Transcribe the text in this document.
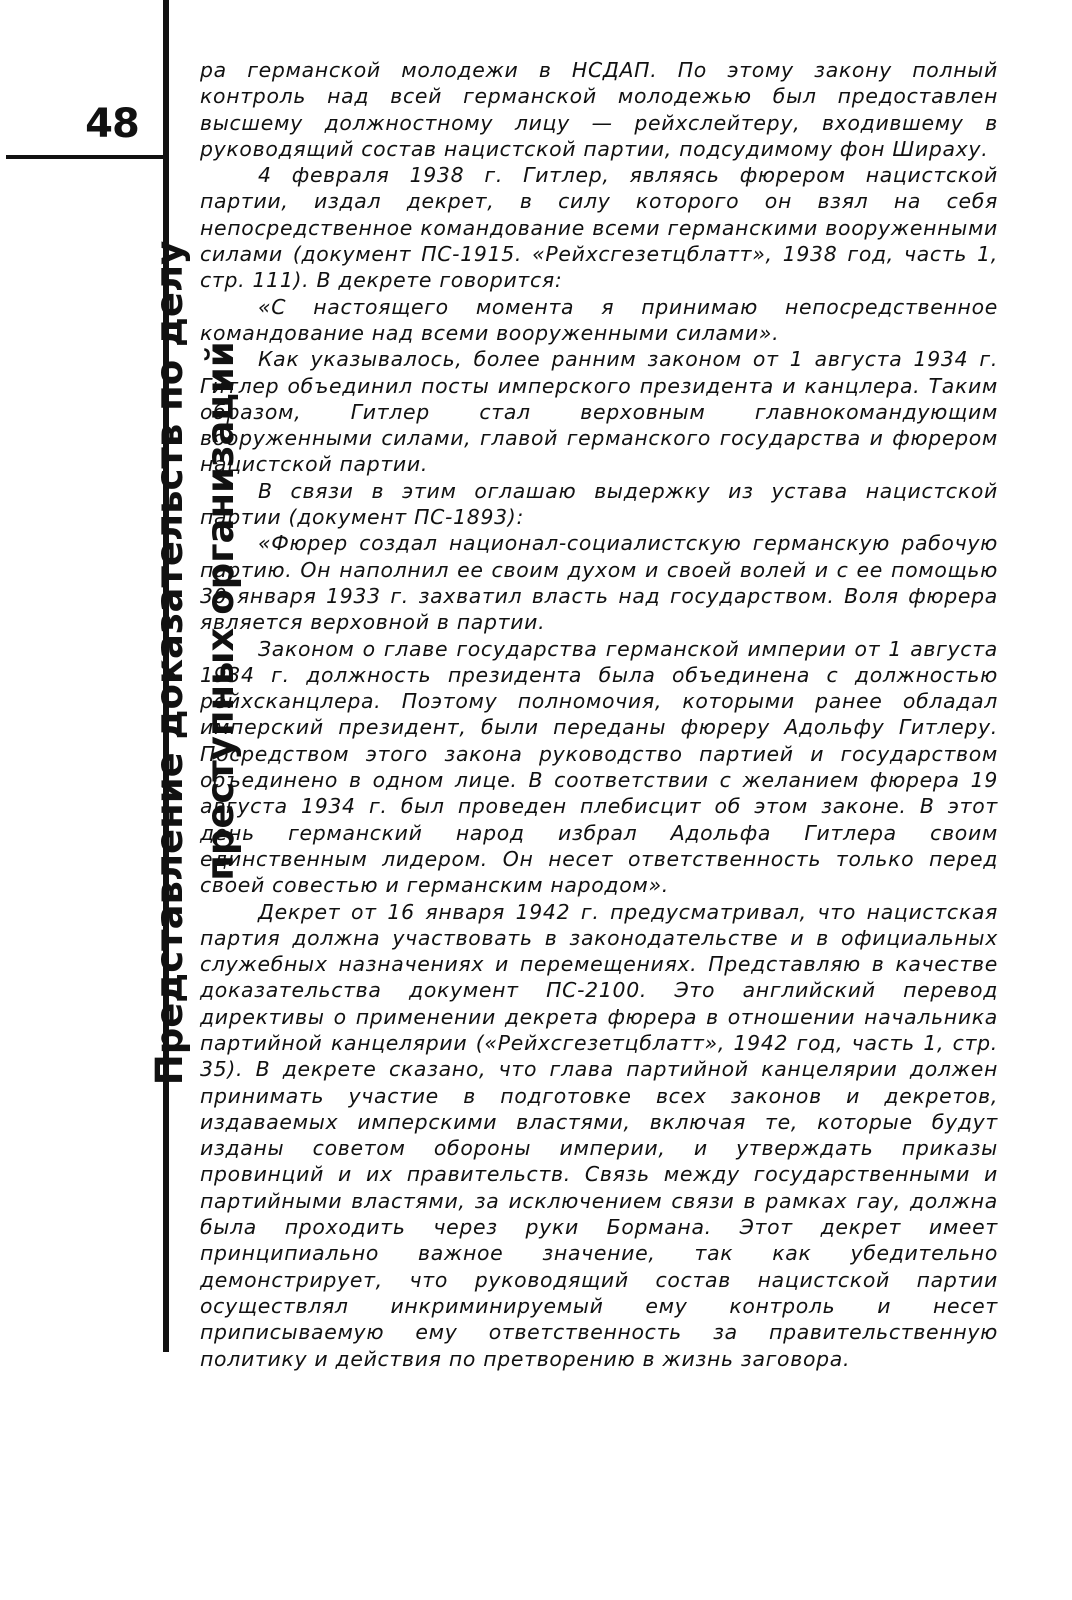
48
Представление доказательств по делу преступных организаций

ра германской молодежи в НСДАП. По этому закону полный контроль над всей германской молодежью был предоставлен высшему должностному лицу — рейхслейтеру, входившему в руководящий состав нацистской партии, подсудимому фон Шираху.

4 февраля 1938 г. Гитлер, являясь фюрером нацистской партии, издал декрет, в силу которого он взял на себя непосредственное командование всеми германскими вооруженными силами (документ ПС-1915. «Рейхсгезетцблатт», 1938 год, часть 1, стр. 111). В декрете говорится:

«С настоящего момента я принимаю непосредственное командование над всеми вооруженными силами».

Как указывалось, более ранним законом от 1 августа 1934 г. Гитлер объединил посты имперского президента и канцлера. Таким образом, Гитлер стал верховным главнокомандующим вооруженными силами, главой германского государства и фюрером нацистской партии.

В связи в этим оглашаю выдержку из устава нацистской партии (документ ПС-1893):

«Фюрер создал национал-социалистскую германскую рабочую партию. Он наполнил ее своим духом и своей волей и с ее помощью 30 января 1933 г. захватил власть над государством. Воля фюрера является верховной в партии.

Законом о главе государства германской империи от 1 августа 1934 г. должность президента была объединена с должностью рейхсканцлера. Поэтому полномочия, которыми ранее обладал имперский президент, были переданы фюреру Адольфу Гитлеру. Посредством этого закона руководство партией и государством объединено в одном лице. В соответствии с желанием фюрера 19 августа 1934 г. был проведен плебисцит об этом законе. В этот день германский народ избрал Адольфа Гитлера своим единственным лидером. Он несет ответственность только перед своей совестью и германским народом».

Декрет от 16 января 1942 г. предусматривал, что нацистская партия должна участвовать в законодательстве и в официальных служебных назначениях и перемещениях. Представляю в качестве доказательства документ ПС-2100. Это английский перевод директивы о применении декрета фюрера в отношении начальника партийной канцелярии («Рейхсгезетцблатт», 1942 год, часть 1, стр. 35). В декрете сказано, что глава партийной канцелярии должен принимать участие в подготовке всех законов и декретов, издаваемых имперскими властями, включая те, которые будут изданы советом обороны империи, и утверждать приказы провинций и их правительств. Связь между государственными и партийными властями, за исключением связи в рамках гау, должна была проходить через руки Бормана. Этот декрет имеет принципиально важное значение, так как убедительно демонстрирует, что руководящий состав нацистской партии осуществлял инкриминируемый ему контроль и несет приписываемую ему ответственность за правительственную политику и действия по претворению в жизнь заговора.
